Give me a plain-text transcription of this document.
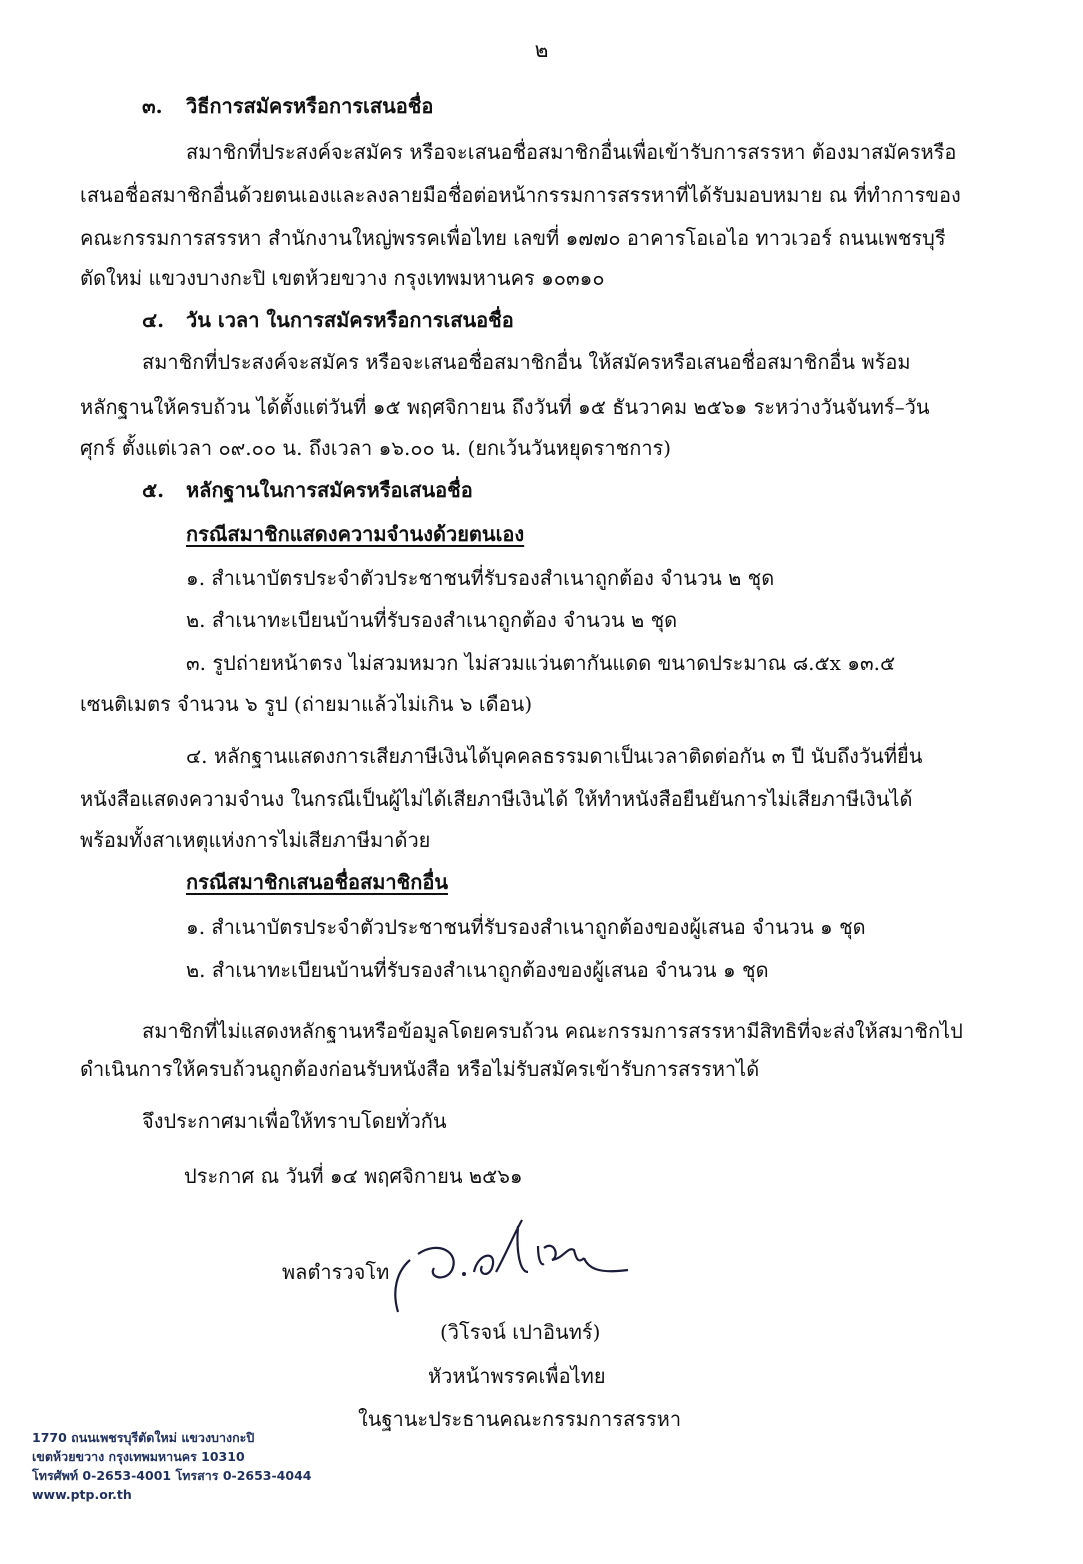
๒
๓. วิธีการสมัครหรือการเสนอชื่อ
สมาชิกที่ประสงค์จะสมัคร หรือจะเสนอชื่อสมาชิกอื่นเพื่อเข้ารับการสรรหา ต้องมาสมัครหรือ
เสนอชื่อสมาชิกอื่นด้วยตนเองและลงลายมือชื่อต่อหน้ากรรมการสรรหาที่ได้รับมอบหมาย ณ ที่ทำการของ
คณะกรรมการสรรหา สำนักงานใหญ่พรรคเพื่อไทย เลขที่ ๑๗๗๐ อาคารโอเอไอ ทาวเวอร์ ถนนเพชรบุรี
ตัดใหม่ แขวงบางกะปิ เขตห้วยขวาง กรุงเทพมหานคร ๑๐๓๑๐
๔. วัน เวลา ในการสมัครหรือการเสนอชื่อ
สมาชิกที่ประสงค์จะสมัคร หรือจะเสนอชื่อสมาชิกอื่น ให้สมัครหรือเสนอชื่อสมาชิกอื่น พร้อม
หลักฐานให้ครบถ้วน ได้ตั้งแต่วันที่ ๑๕ พฤศจิกายน ถึงวันที่ ๑๕ ธันวาคม ๒๕๖๑ ระหว่างวันจันทร์–วัน
ศุกร์ ตั้งแต่เวลา ๐๙.๐๐ น. ถึงเวลา ๑๖.๐๐ น. (ยกเว้นวันหยุดราชการ)
๕. หลักฐานในการสมัครหรือเสนอชื่อ
กรณีสมาชิกแสดงความจำนงด้วยตนเอง
๑. สำเนาบัตรประจำตัวประชาชนที่รับรองสำเนาถูกต้อง จำนวน ๒ ชุด
๒. สำเนาทะเบียนบ้านที่รับรองสำเนาถูกต้อง จำนวน ๒ ชุด
๓. รูปถ่ายหน้าตรง ไม่สวมหมวก ไม่สวมแว่นตากันแดด ขนาดประมาณ ๘.๕x ๑๓.๕
เซนติเมตร จำนวน ๖ รูป (ถ่ายมาแล้วไม่เกิน ๖ เดือน)
๔. หลักฐานแสดงการเสียภาษีเงินได้บุคคลธรรมดาเป็นเวลาติดต่อกัน ๓ ปี นับถึงวันที่ยื่น
หนังสือแสดงความจำนง ในกรณีเป็นผู้ไม่ได้เสียภาษีเงินได้ ให้ทำหนังสือยืนยันการไม่เสียภาษีเงินได้
พร้อมทั้งสาเหตุแห่งการไม่เสียภาษีมาด้วย
กรณีสมาชิกเสนอชื่อสมาชิกอื่น
๑. สำเนาบัตรประจำตัวประชาชนที่รับรองสำเนาถูกต้องของผู้เสนอ จำนวน ๑ ชุด
๒. สำเนาทะเบียนบ้านที่รับรองสำเนาถูกต้องของผู้เสนอ จำนวน ๑ ชุด
สมาชิกที่ไม่แสดงหลักฐานหรือข้อมูลโดยครบถ้วน คณะกรรมการสรรหามีสิทธิที่จะส่งให้สมาชิกไป
ดำเนินการให้ครบถ้วนถูกต้องก่อนรับหนังสือ หรือไม่รับสมัครเข้ารับการสรรหาได้
จึงประกาศมาเพื่อให้ทราบโดยทั่วกัน
ประกาศ ณ วันที่ ๑๔ พฤศจิกายน ๒๕๖๑
พลตำรวจโท
(วิโรจน์ เปาอินทร์)
หัวหน้าพรรคเพื่อไทย
ในฐานะประธานคณะกรรมการสรรหา
1770 ถนนเพชรบุรีตัดใหม่ แขวงบางกะปิ
เขตห้วยขวาง กรุงเทพมหานคร 10310
โทรศัพท์ 0-2653-4001 โทรสาร 0-2653-4044
www.ptp.or.th
